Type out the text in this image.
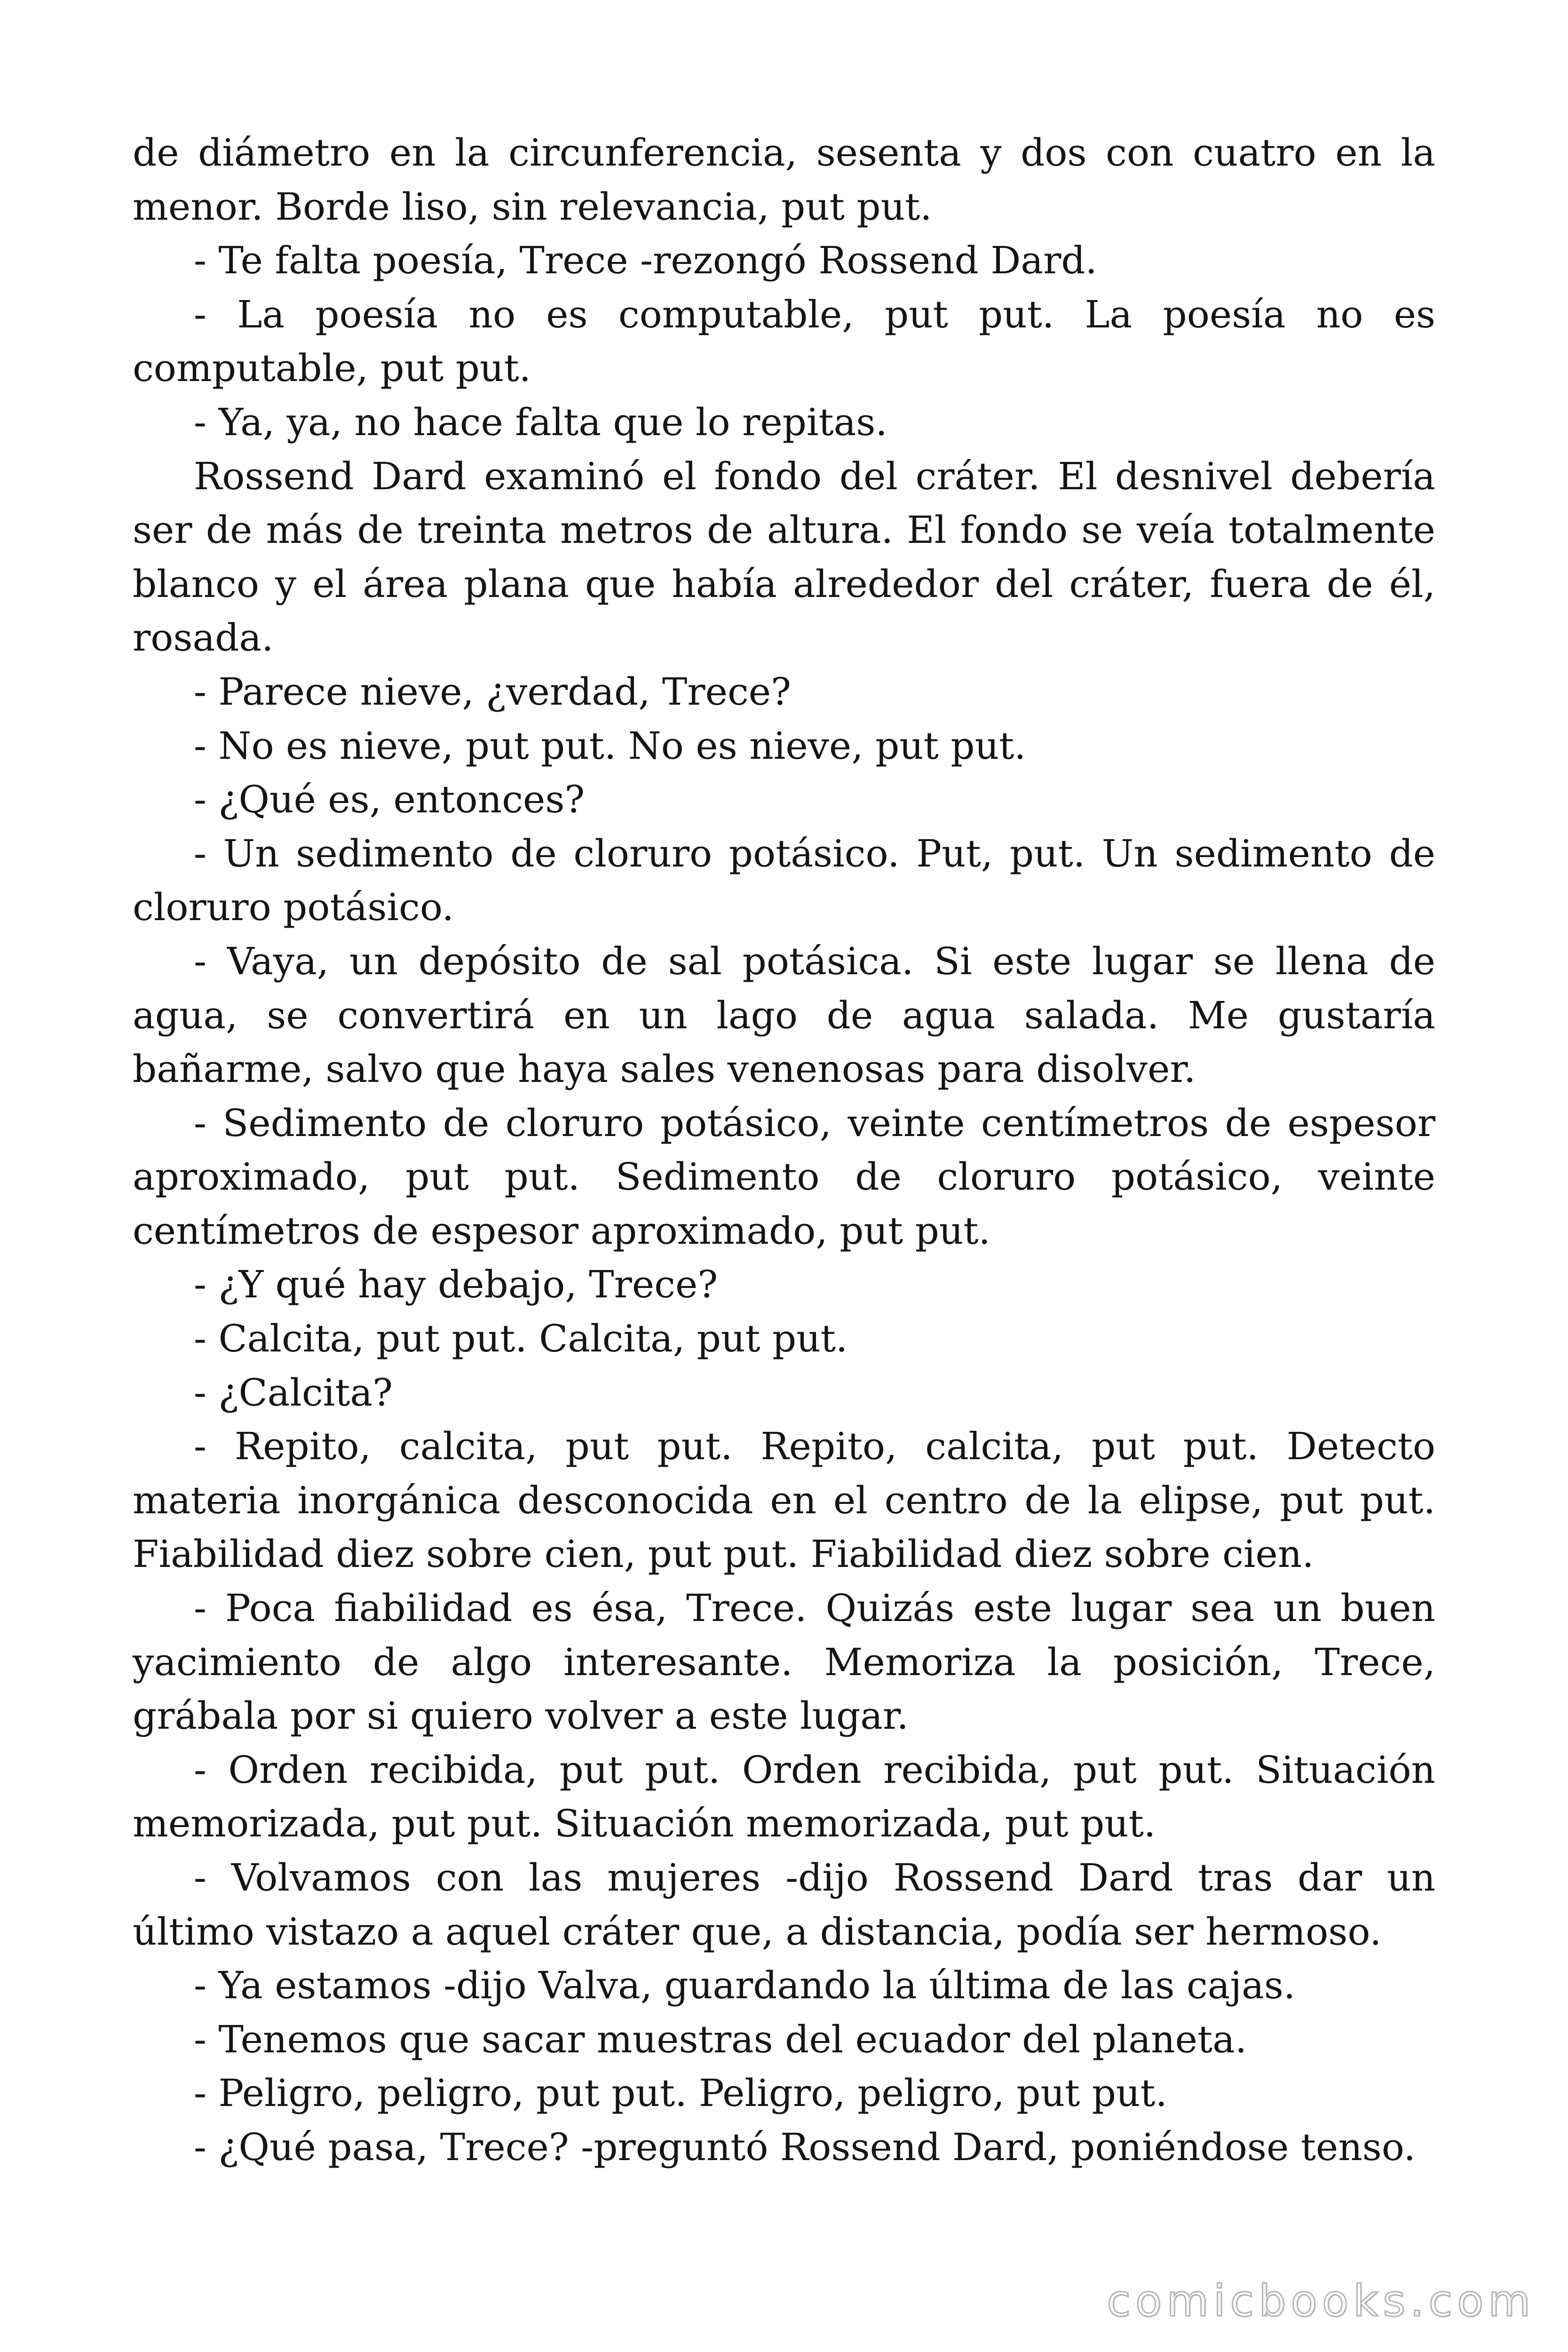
de diámetro en la circunferencia, sesenta y dos con cuatro en la menor. Borde liso, sin relevancia, put put.

- Te falta poesía, Trece -rezongó Rossend Dard.

- La poesía no es computable, put put. La poesía no es computable, put put.

- Ya, ya, no hace falta que lo repitas.

Rossend Dard examinó el fondo del cráter. El desnivel debería ser de más de treinta metros de altura. El fondo se veía totalmente blanco y el área plana que había alrededor del cráter, fuera de él, rosada.

- Parece nieve, ¿verdad, Trece?

- No es nieve, put put. No es nieve, put put.

- ¿Qué es, entonces?

- Un sedimento de cloruro potásico. Put, put. Un sedimento de cloruro potásico.

- Vaya, un depósito de sal potásica. Si este lugar se llena de agua, se convertirá en un lago de agua salada. Me gustaría bañarme, salvo que haya sales venenosas para disolver.

- Sedimento de cloruro potásico, veinte centímetros de espesor aproximado, put put. Sedimento de cloruro potásico, veinte centímetros de espesor aproximado, put put.

- ¿Y qué hay debajo, Trece?

- Calcita, put put. Calcita, put put.

- ¿Calcita?

- Repito, calcita, put put. Repito, calcita, put put. Detecto materia inorgánica desconocida en el centro de la elipse, put put. Fiabilidad diez sobre cien, put put. Fiabilidad diez sobre cien.

- Poca fiabilidad es ésa, Trece. Quizás este lugar sea un buen yacimiento de algo interesante. Memoriza la posición, Trece, grábala por si quiero volver a este lugar.

- Orden recibida, put put. Orden recibida, put put. Situación memorizada, put put. Situación memorizada, put put.

- Volvamos con las mujeres -dijo Rossend Dard tras dar un último vistazo a aquel cráter que, a distancia, podía ser hermoso.

- Ya estamos -dijo Valva, guardando la última de las cajas.

- Tenemos que sacar muestras del ecuador del planeta.

- Peligro, peligro, put put. Peligro, peligro, put put.

- ¿Qué pasa, Trece? -preguntó Rossend Dard, poniéndose tenso.

comicbooks.com
